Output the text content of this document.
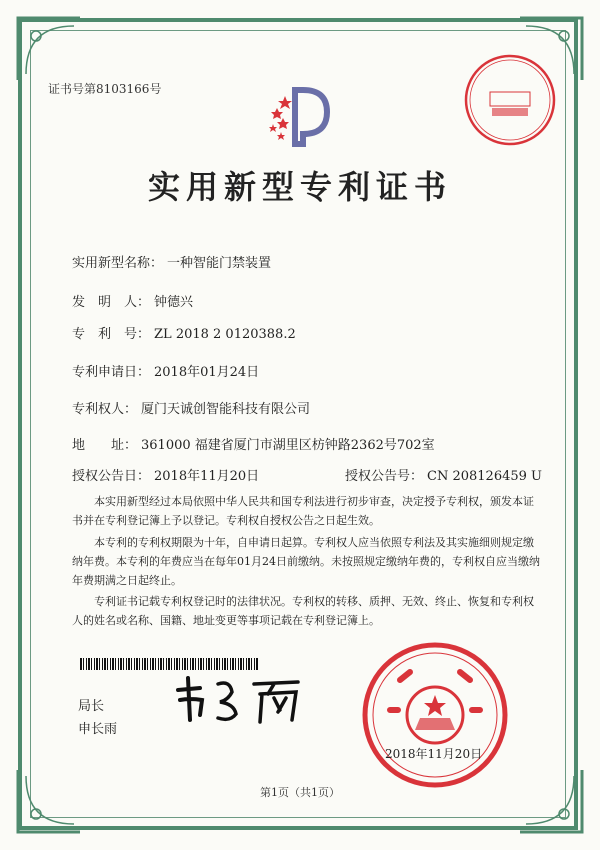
证书号第8103166号
实用新型专利证书
实用新型名称： 一种智能门禁装置
发　明　人： 钟德兴
专　利　号： ZL 2018 2 0120388.2
专利申请日： 2018年01月24日
专利权人： 厦门天诚创智能科技有限公司
地　　址： 361000 福建省厦门市湖里区枋钟路2362号702室
授权公告日： 2018年11月20日	授权公告号： CN 208126459 U

本实用新型经过本局依照中华人民共和国专利法进行初步审查，决定授予专利权，颁发本证书并在专利登记簿上予以登记。专利权自授权公告之日起生效。

本专利的专利权期限为十年，自申请日起算。专利权人应当依照专利法及其实施细则规定缴纳年费。本专利的年费应当在每年01月24日前缴纳。未按照规定缴纳年费的，专利权自应当缴纳年费期满之日起终止。

专利证书记载专利权登记时的法律状况。专利权的转移、质押、无效、终止、恢复和专利权人的姓名或名称、国籍、地址变更等事项记载在专利登记簿上。

局长
申长雨
2018年11月20日
第1页（共1页）
